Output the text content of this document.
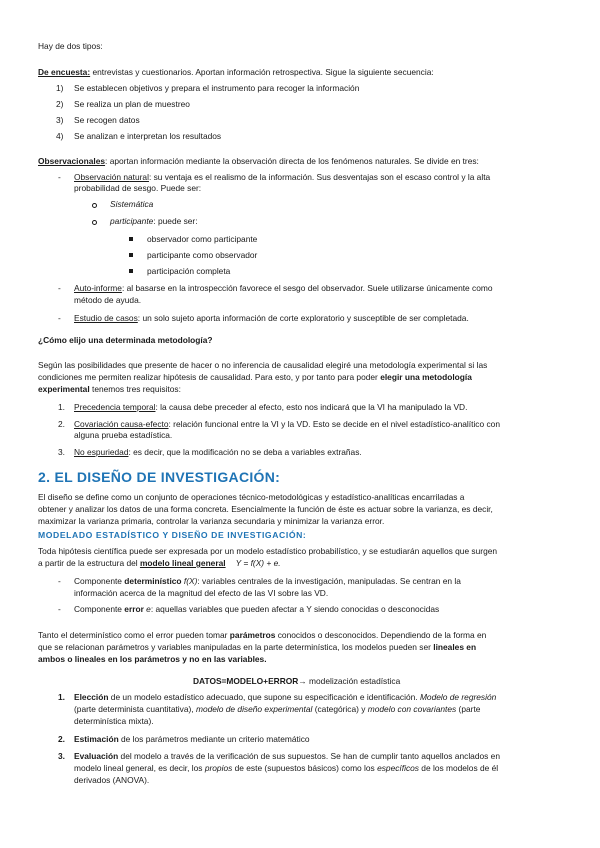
Hay de dos tipos:
De encuesta: entrevistas y cuestionarios. Aportan información retrospectiva. Sigue la siguiente secuencia:
1) Se establecen objetivos y prepara el instrumento para recoger la información
2) Se realiza un plan de muestreo
3) Se recogen datos
4) Se analizan e interpretan los resultados
Observacionales: aportan información mediante la observación directa de los fenómenos naturales. Se divide en tres:
- Observación natural: su ventaja es el realismo de la información. Sus desventajas son el escaso control y la alta
probabilidad de sesgo. Puede ser:
Sistemática
participante: puede ser:
observador como participante
participante como observador
participación completa
- Auto-informe: al basarse en la introspección favorece el sesgo del observador. Suele utilizarse únicamente como
método de ayuda.
- Estudio de casos: un solo sujeto aporta información de corte exploratorio y susceptible de ser completada.
¿Cómo elijo una determinada metodología?
Según las posibilidades que presente de hacer o no inferencia de causalidad elegiré una metodología experimental si las
condiciones me permiten realizar hipótesis de causalidad. Para esto, y por tanto para poder elegir una metodología
experimental tenemos tres requisitos:
1. Precedencia temporal: la causa debe preceder al efecto, esto nos indicará que la VI ha manipulado la VD.
2. Covariación causa-efecto: relación funcional entre la VI y la VD. Esto se decide en el nivel estadístico-analítico con
alguna prueba estadística.
3. No espuriedad: es decir, que la modificación no se deba a variables extrañas.
2. EL DISEÑO DE INVESTIGACIÓN:
El diseño se define como un conjunto de operaciones técnico-metodológicas y estadístico-analíticas encarriladas a
obtener y analizar los datos de una forma concreta. Esencialmente la función de éste es actuar sobre la varianza, es decir,
maximizar la varianza primaria, controlar la varianza secundaria y minimizar la varianza error.
MODELADO ESTADÍSTICO Y DISEÑO DE INVESTIGACIÓN:
Toda hipótesis científica puede ser expresada por un modelo estadístico probabilístico, y se estudiarán aquellos que surgen
a partir de la estructura del modelo lineal general Y = f(X) + e.
- Componente determinístico f(X): variables centrales de la investigación, manipuladas. Se centran en la
información acerca de la magnitud del efecto de las VI sobre las VD.
- Componente error e: aquellas variables que pueden afectar a Y siendo conocidas o desconocidas
Tanto el determinístico como el error pueden tomar parámetros conocidos o desconocidos. Dependiendo de la forma en
que se relacionan parámetros y variables manipuladas en la parte determinística, los modelos pueden ser lineales en
ambos o lineales en los parámetros y no en las variables.
DATOS=MODELO+ERROR→ modelización estadística
1. Elección de un modelo estadístico adecuado, que supone su especificación e identificación. Modelo de regresión
(parte determinista cuantitativa), modelo de diseño experimental (categórica) y modelo con covariantes (parte
determinística mixta).
2. Estimación de los parámetros mediante un criterio matemático
3. Evaluación del modelo a través de la verificación de sus supuestos. Se han de cumplir tanto aquellos anclados en
modelo lineal general, es decir, los propios de este (supuestos básicos) como los específicos de los modelos de él
derivados (ANOVA).
